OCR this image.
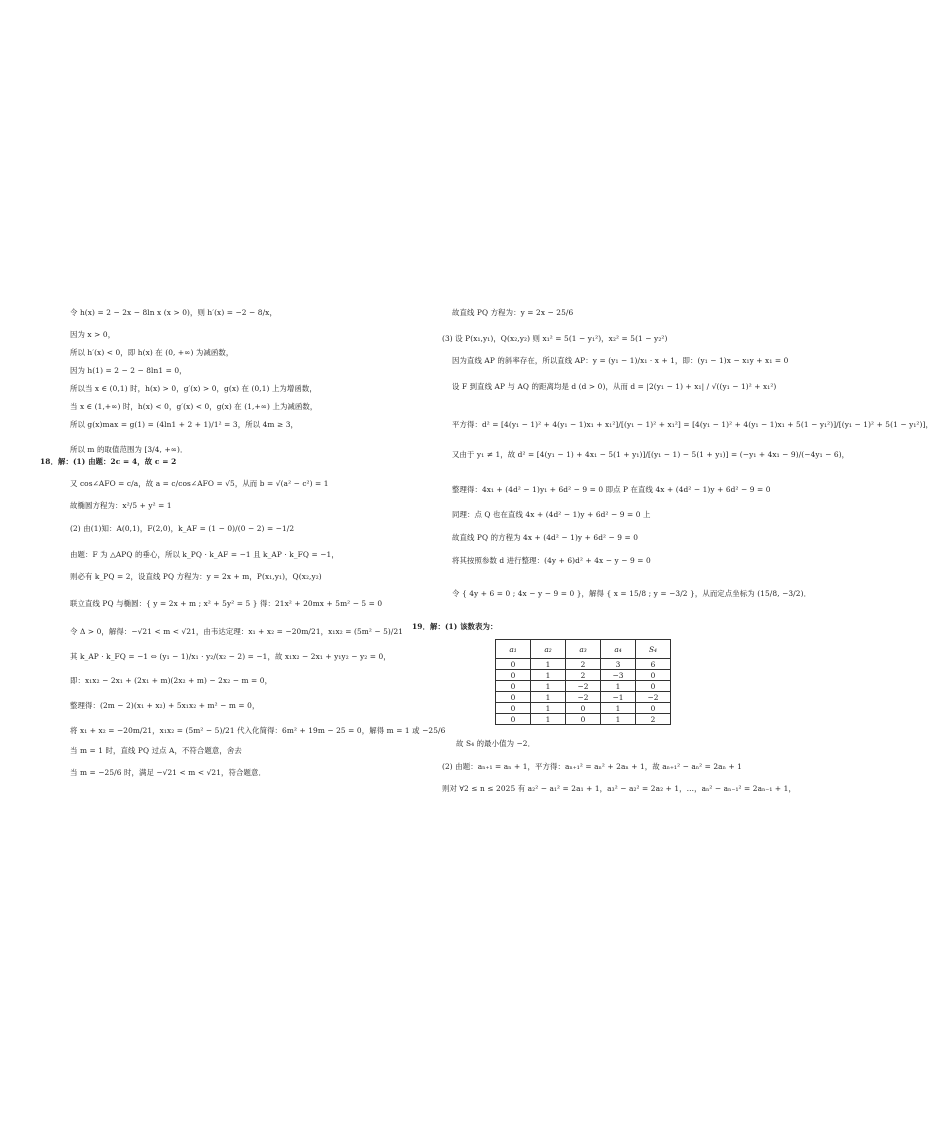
令 h(x) = 2 − 2x − 8ln x (x > 0)，则 h′(x) = −2 − 8/x，
因为 x > 0，
所以 h′(x) < 0，即 h(x) 在 (0, +∞) 为减函数，
因为 h(1) = 2 − 2 − 8ln1 = 0，
所以当 x ∈ (0,1) 时，h(x) > 0，g′(x) > 0，g(x) 在 (0,1) 上为增函数，
当 x ∈ (1,+∞) 时，h(x) < 0，g′(x) < 0，g(x) 在 (1,+∞) 上为减函数，
所以 g(x)max = g(1) = (4ln1 + 2 + 1)/1² = 3，所以 4m ≥ 3，
所以 m 的取值范围为 [3/4, +∞)．
18．解：(1) 由题：2c = 4，故 c = 2
又 cos∠AFO = c/a，故 a = c/cos∠AFO = √5，从而 b = √(a² − c²) = 1
故椭圆方程为：x²/5 + y² = 1
(2) 由(1)知：A(0,1)，F(2,0)，k_AF = (1 − 0)/(0 − 2) = −1/2
由题：F 为 △APQ 的垂心，所以 k_PQ · k_AF = −1 且 k_AP · k_FQ = −1，
则必有 k_PQ = 2，设直线 PQ 方程为：y = 2x + m，P(x₁,y₁)，Q(x₂,y₂)
联立直线 PQ 与椭圆：{ y = 2x + m ; x² + 5y² = 5 } 得：21x² + 20mx + 5m² − 5 = 0
令 Δ > 0，解得：−√21 < m < √21，由韦达定理：x₁ + x₂ = −20m/21，x₁x₂ = (5m² − 5)/21
其 k_AP · k_FQ = −1 ⇔ (y₁ − 1)/x₁ · y₂/(x₂ − 2) = −1，故 x₁x₂ − 2x₁ + y₁y₂ − y₂ = 0，
即：x₁x₂ − 2x₁ + (2x₁ + m)(2x₂ + m) − 2x₂ − m = 0，
整理得：(2m − 2)(x₁ + x₂) + 5x₁x₂ + m² − m = 0，
将 x₁ + x₂ = −20m/21，x₁x₂ = (5m² − 5)/21 代入化简得：6m² + 19m − 25 = 0，解得 m = 1 或 −25/6
当 m = 1 时，直线 PQ 过点 A，不符合题意，舍去
当 m = −25/6 时，满足 −√21 < m < √21，符合题意．
故直线 PQ 方程为：y = 2x − 25/6
(3) 设 P(x₁,y₁)，Q(x₂,y₂) 则 x₁² = 5(1 − y₁²)，x₂² = 5(1 − y₂²)
因为直线 AP 的斜率存在，所以直线 AP：y = (y₁ − 1)/x₁ · x + 1，即：(y₁ − 1)x − x₁y + x₁ = 0
设 F 到直线 AP 与 AQ 的距离均是 d (d > 0)，从而 d = |2(y₁ − 1) + x₁| / √((y₁ − 1)² + x₁²)
平方得：d² = [4(y₁ − 1)² + 4(y₁ − 1)x₁ + x₁²]/[(y₁ − 1)² + x₁²] = [4(y₁ − 1)² + 4(y₁ − 1)x₁ + 5(1 − y₁²)]/[(y₁ − 1)² + 5(1 − y₁²)]，
又由于 y₁ ≠ 1，故 d² = [4(y₁ − 1) + 4x₁ − 5(1 + y₁)]/[(y₁ − 1) − 5(1 + y₁)] = (−y₁ + 4x₁ − 9)/(−4y₁ − 6)，
整理得：4x₁ + (4d² − 1)y₁ + 6d² − 9 = 0 即点 P 在直线 4x + (4d² − 1)y + 6d² − 9 = 0
同理：点 Q 也在直线 4x + (4d² − 1)y + 6d² − 9 = 0 上
故直线 PQ 的方程为 4x + (4d² − 1)y + 6d² − 9 = 0
将其按照参数 d 进行整理：(4y + 6)d² + 4x − y − 9 = 0
令 { 4y + 6 = 0 ; 4x − y − 9 = 0 }，解得 { x = 15/8 ; y = −3/2 }，从而定点坐标为 (15/8, −3/2)．
19．解：(1) 该数表为：
a₁	a₂	a₃	a₄	S₄
0	1	2	3	6
0	1	2	−3	0
0	1	−2	1	0
0	1	−2	−1	−2
0	1	0	1	0
0	1	0	1	2
故 S₄ 的最小值为 −2．
(2) 由题：aₙ₊₁ = aₙ + 1，平方得：aₙ₊₁² = aₙ² + 2aₙ + 1，故 aₙ₊₁² − aₙ² = 2aₙ + 1
则对 ∀2 ≤ n ≤ 2025 有 a₂² − a₁² = 2a₁ + 1，a₃² − a₂² = 2a₂ + 1，…，aₙ² − aₙ₋₁² = 2aₙ₋₁ + 1，
